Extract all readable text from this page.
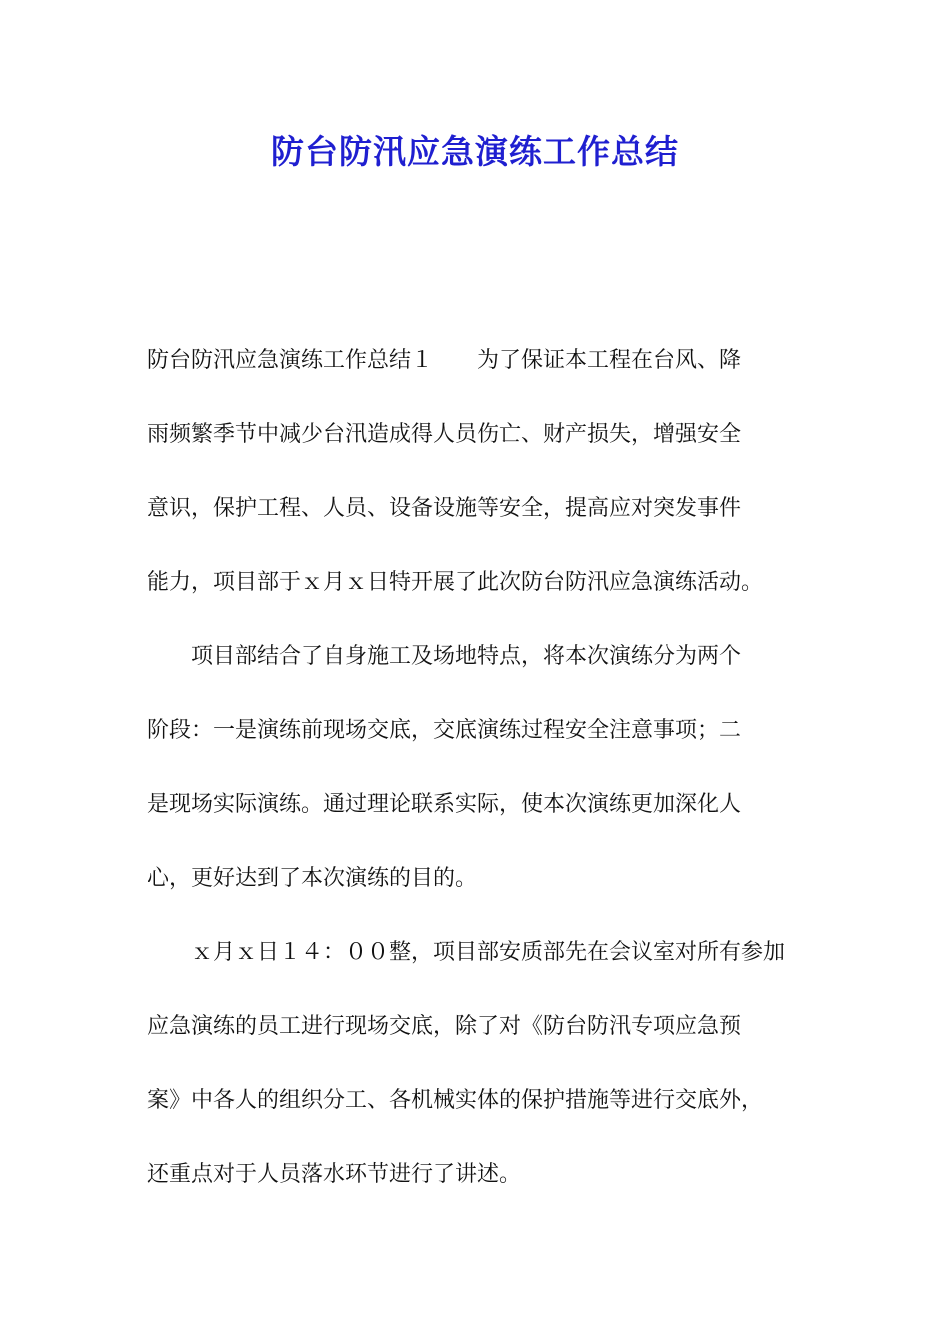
防台防汛应急演练工作总结
防台防汛应急演练工作总结１　　为了保证本工程在台风、降
雨频繁季节中减少台汛造成得人员伤亡、财产损失，增强安全
意识，保护工程、人员、设备设施等安全，提高应对突发事件
能力，项目部于ｘ月ｘ日特开展了此次防台防汛应急演练活动。
　　项目部结合了自身施工及场地特点，将本次演练分为两个
阶段：一是演练前现场交底，交底演练过程安全注意事项；二
是现场实际演练。通过理论联系实际，使本次演练更加深化人
心，更好达到了本次演练的目的。
　　ｘ月ｘ日１４：００整，项目部安质部先在会议室对所有参加
应急演练的员工进行现场交底，除了对《防台防汛专项应急预
案》中各人的组织分工、各机械实体的保护措施等进行交底外，
还重点对于人员落水环节进行了讲述。
